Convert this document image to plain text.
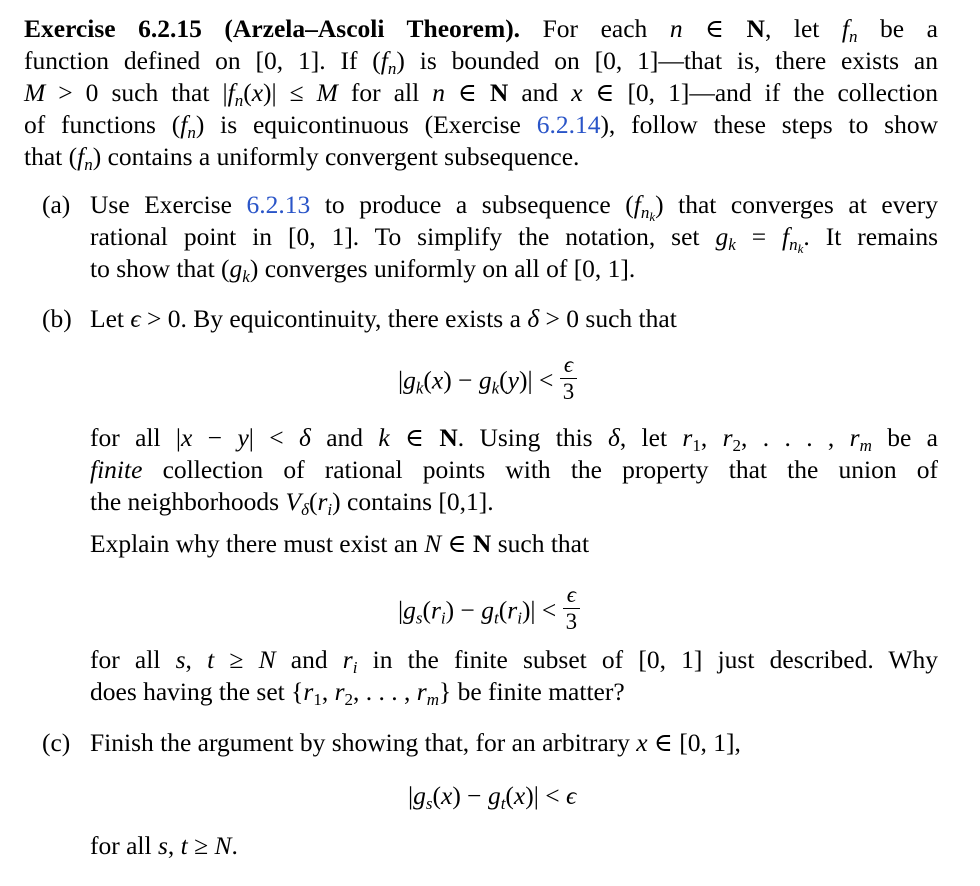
Exercise 6.2.15 (Arzela–Ascoli Theorem). For each n ∈ N, let $f_n$ be a
function defined on [0, 1]. If $(f_n)$ is bounded on [0, 1]—that is, there exists an
M > 0 such that $|f_n(x)| \le M$ for all n ∈ N and x ∈ [0, 1]—and if the collection
of functions $(f_n)$ is equicontinuous (Exercise 6.2.14), follow these steps to show
that $(f_n)$ contains a uniformly convergent subsequence.
(a) Use Exercise 6.2.13 to produce a subsequence $(f_{n_k})$ that converges at every
rational point in [0, 1]. To simplify the notation, set $g_k = f_{n_k}$. It remains
to show that $(g_k)$ converges uniformly on all of [0, 1].
(b) Let ϵ > 0. By equicontinuity, there exists a δ > 0 such that
$|g_k(x) - g_k(y)| < \frac{\epsilon}{3}$
for all |x − y| < δ and k ∈ N. Using this δ, let $r_1$, $r_2$, . . . , $r_m$ be a
finite collection of rational points with the property that the union of
the neighborhoods $V_\delta(r_i)$ contains [0,1].
Explain why there must exist an N ∈ N such that
$|g_s(r_i) - g_t(r_i)| < \frac{\epsilon}{3}$
for all s, t ≥ N and $r_i$ in the finite subset of [0, 1] just described. Why
does having the set {$r_1$, $r_2$, . . . , $r_m$} be finite matter?
(c) Finish the argument by showing that, for an arbitrary x ∈ [0, 1],
$|g_s(x) - g_t(x)| < \epsilon$
for all s, t ≥ N.
